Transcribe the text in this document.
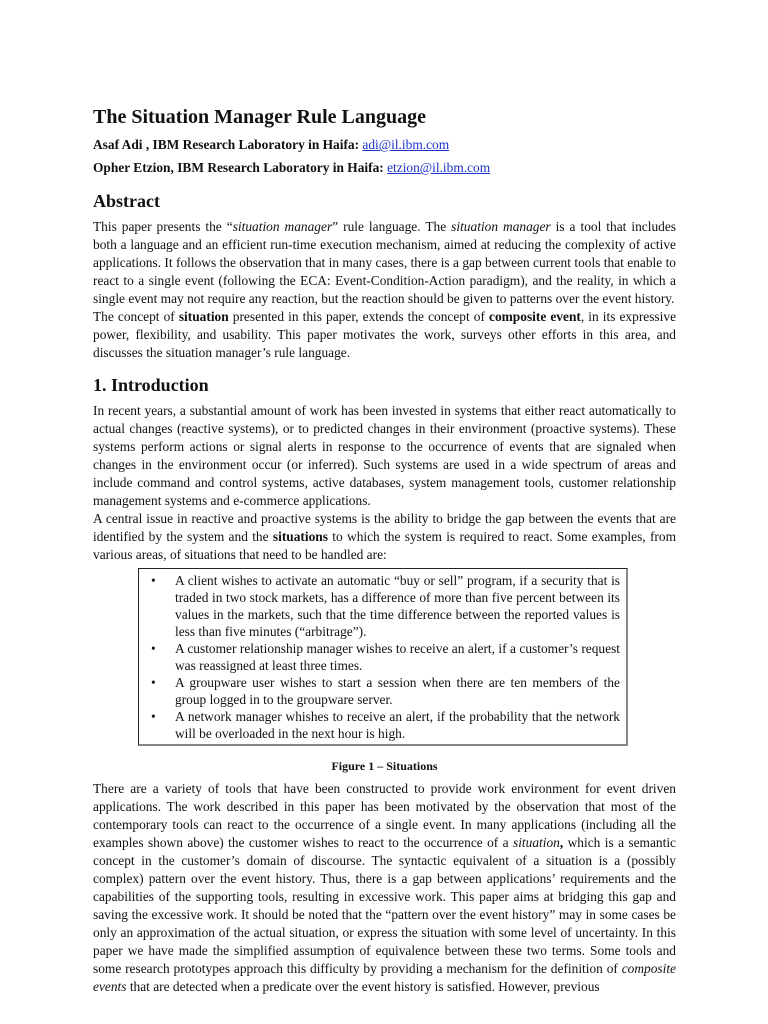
The Situation Manager Rule Language
Asaf Adi , IBM Research Laboratory in Haifa: adi@il.ibm.com
Opher Etzion, IBM Research Laboratory in Haifa: etzion@il.ibm.com
Abstract

This paper presents the “situation manager” rule language. The situation manager is a tool that includes both a language and an efficient run-time execution mechanism, aimed at reducing the complexity of active applications. It follows the observation that in many cases, there is a gap between current tools that enable to react to a single event (following the ECA: Event-Condition-Action paradigm), and the reality, in which a single event may not require any reaction, but the reaction should be given to patterns over the event history.

The concept of situation presented in this paper, extends the concept of composite event, in its expressive power, flexibility, and usability. This paper motivates the work, surveys other efforts in this area, and discusses the situation manager’s rule language.

1. Introduction

In recent years, a substantial amount of work has been invested in systems that either react automatically to actual changes (reactive systems), or to predicted changes in their environment (proactive systems). These systems perform actions or signal alerts in response to the occurrence of events that are signaled when changes in the environment occur (or inferred). Such systems are used in a wide spectrum of areas and include command and control systems, active databases, system management tools, customer relationship management systems and e-commerce applications.

A central issue in reactive and proactive systems is the ability to bridge the gap between the events that are identified by the system and the situations to which the system is required to react. Some examples, from various areas, of situations that need to be handled are:

• A client wishes to activate an automatic “buy or sell” program, if a security that is traded in two stock markets, has a difference of more than five percent between its values in the markets, such that the time difference between the reported values is less than five minutes (“arbitrage”).
• A customer relationship manager wishes to receive an alert, if a customer’s request was reassigned at least three times.
• A groupware user wishes to start a session when there are ten members of the group logged in to the groupware server.
• A network manager whishes to receive an alert, if the probability that the network will be overloaded in the next hour is high.
Figure 1 – Situations

There are a variety of tools that have been constructed to provide work environment for event driven applications. The work described in this paper has been motivated by the observation that most of the contemporary tools can react to the occurrence of a single event. In many applications (including all the examples shown above) the customer wishes to react to the occurrence of a situation, which is a semantic concept in the customer’s domain of discourse. The syntactic equivalent of a situation is a (possibly complex) pattern over the event history. Thus, there is a gap between applications’ requirements and the capabilities of the supporting tools, resulting in excessive work. This paper aims at bridging this gap and saving the excessive work. It should be noted that the “pattern over the event history” may in some cases be only an approximation of the actual situation, or express the situation with some level of uncertainty. In this paper we have made the simplified assumption of equivalence between these two terms. Some tools and some research prototypes approach this difficulty by providing a mechanism for the definition of composite events that are detected when a predicate over the event history is satisfied. However, previous
